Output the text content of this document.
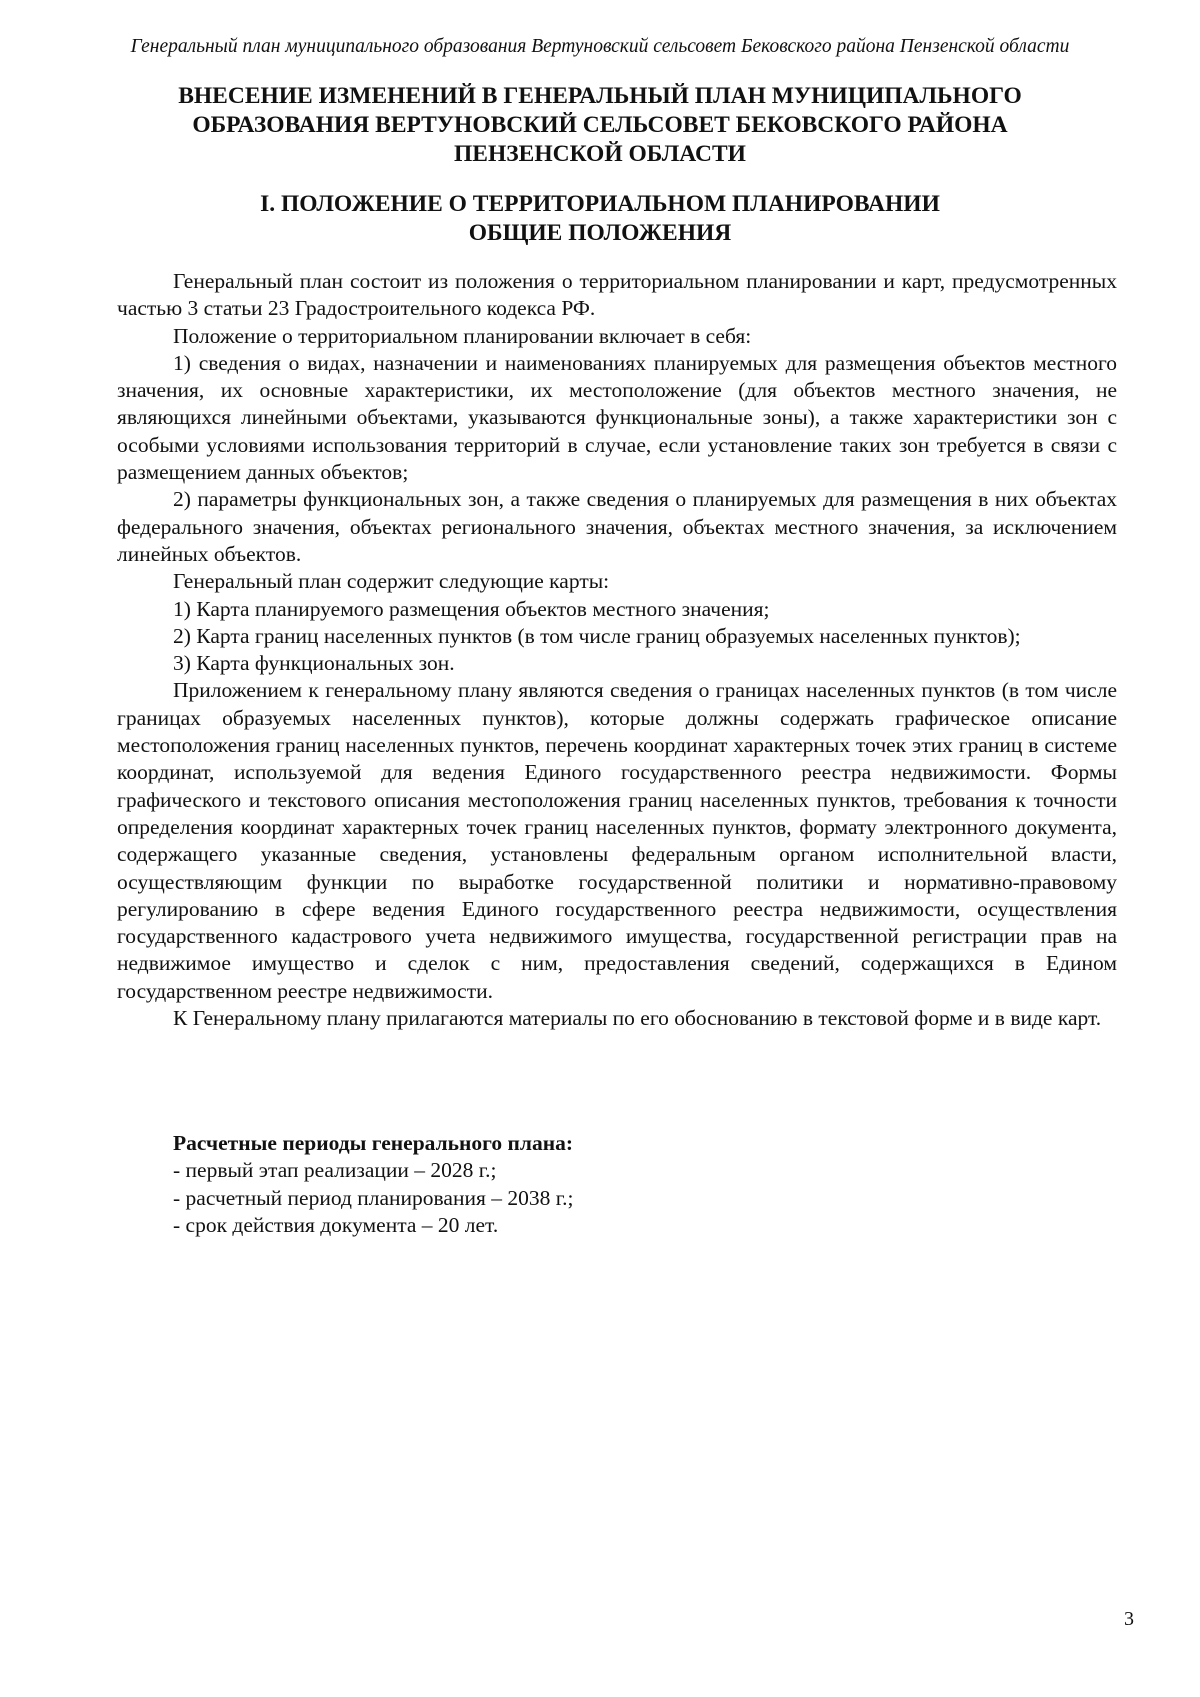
Генеральный план муниципального образования Вертуновский сельсовет Бековского района Пензенской области
ВНЕСЕНИЕ ИЗМЕНЕНИЙ В ГЕНЕРАЛЬНЫЙ ПЛАН МУНИЦИПАЛЬНОГО
ОБРАЗОВАНИЯ ВЕРТУНОВСКИЙ СЕЛЬСОВЕТ БЕКОВСКОГО РАЙОНА
ПЕНЗЕНСКОЙ ОБЛАСТИ
I. ПОЛОЖЕНИЕ О ТЕРРИТОРИАЛЬНОМ ПЛАНИРОВАНИИ
ОБЩИЕ ПОЛОЖЕНИЯ

Генеральный план состоит из положения о территориальном планировании и карт, предусмотренных частью 3 статьи 23 Градостроительного кодекса РФ.

Положение о территориальном планировании включает в себя:

1) сведения о видах, назначении и наименованиях планируемых для размещения объектов местного значения, их основные характеристики, их местоположение (для объектов местного значения, не являющихся линейными объектами, указываются функциональные зоны), а также характеристики зон с особыми условиями использования территорий в случае, если установление таких зон требуется в связи с размещением данных объектов;

2) параметры функциональных зон, а также сведения о планируемых для размещения в них объектах федерального значения, объектах регионального значения, объектах местного значения, за исключением линейных объектов.

Генеральный план содержит следующие карты:

1) Карта планируемого размещения объектов местного значения;

2) Карта границ населенных пунктов (в том числе границ образуемых населенных пунктов);

3) Карта функциональных зон.

Приложением к генеральному плану являются сведения о границах населенных пунктов (в том числе границах образуемых населенных пунктов), которые должны содержать графическое описание местоположения границ населенных пунктов, перечень координат характерных точек этих границ в системе координат, используемой для ведения Единого государственного реестра недвижимости. Формы графического и текстового описания местоположения границ населенных пунктов, требования к точности определения координат характерных точек границ населенных пунктов, формату электронного документа, содержащего указанные сведения, установлены федеральным органом исполнительной власти, осуществляющим функции по выработке государственной политики и нормативно-правовому регулированию в сфере ведения Единого государственного реестра недвижимости, осуществления государственного кадастрового учета недвижимого имущества, государственной регистрации прав на недвижимое имущество и сделок с ним, предоставления сведений, содержащихся в Едином государственном реестре недвижимости.

К Генеральному плану прилагаются материалы по его обоснованию в текстовой форме и в виде карт.

Расчетные периоды генерального плана:
- первый этап реализации – 2028 г.;
- расчетный период планирования – 2038 г.;
- срок действия документа – 20 лет.
3
